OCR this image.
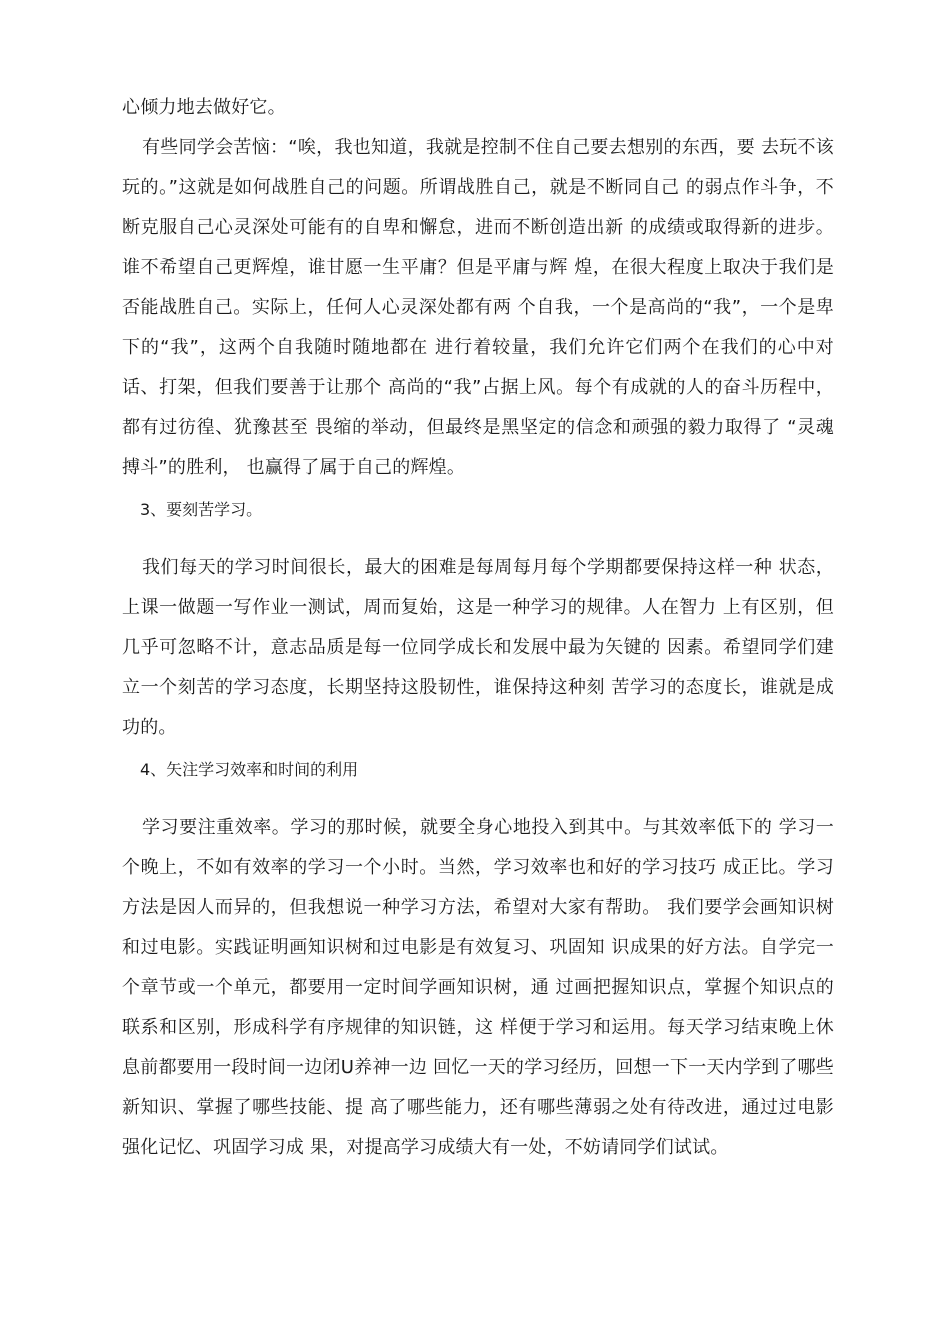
心倾力地去做好它。

有些同学会苦恼：“唉，我也知道，我就是控制不住自己要去想别的东西，要 去玩不该玩的。”这就是如何战胜自己的问题。所谓战胜自己，就是不断同自己 的弱点作斗争，不断克服自己心灵深处可能有的自卑和懈怠，进而不断创造出新 的成绩或取得新的进步。谁不希望自己更辉煌，谁甘愿一生平庸？但是平庸与辉 煌，在很大程度上取决于我们是否能战胜自己。实际上，任何人心灵深处都有两 个自我，一个是高尚的“我”，一个是卑下的“我”，这两个自我随时随地都在 进行着较量，我们允许它们两个在我们的心中对话、打架，但我们要善于让那个 高尚的“我”占据上风。每个有成就的人的奋斗历程中，都有过彷徨、犹豫甚至 畏缩的举动，但最终是黑坚定的信念和顽强的毅力取得了 “灵魂搏斗”的胜利， 也赢得了属于自己的辉煌。

3、要刻苦学习。

我们每天的学习时间很长，最大的困难是每周每月每个学期都要保持这样一种 状态，上课一做题一写作业一测试，周而复始，这是一种学习的规律。人在智力 上有区别，但几乎可忽略不计，意志品质是每一位同学成长和发展中最为矢键的 因素。希望同学们建立一个刻苦的学习态度，长期坚持这股韧性，谁保持这种刻 苦学习的态度长，谁就是成功的。

4、矢注学习效率和时间的利用

学习要注重效率。学习的那时候，就要全身心地投入到其中。与其效率低下的 学习一个晚上，不如有效率的学习一个小时。当然，学习效率也和好的学习技巧 成正比。学习方法是因人而异的，但我想说一种学习方法，希望对大家有帮助。 我们要学会画知识树和过电影。实践证明画知识树和过电影是有效复习、巩固知 识成果的好方法。自学完一个章节或一个单元，都要用一定时间学画知识树，通 过画把握知识点，掌握个知识点的联系和区别，形成科学有序规律的知识链，这 样便于学习和运用。每天学习结束晚上休息前都要用一段时间一边闭U养神一边 回忆一天的学习经历，回想一下一天内学到了哪些新知识、掌握了哪些技能、提 高了哪些能力，还有哪些薄弱之处有待改进，通过过电影强化记忆、巩固学习成 果，对提高学习成绩大有一处，不妨请同学们试试。
